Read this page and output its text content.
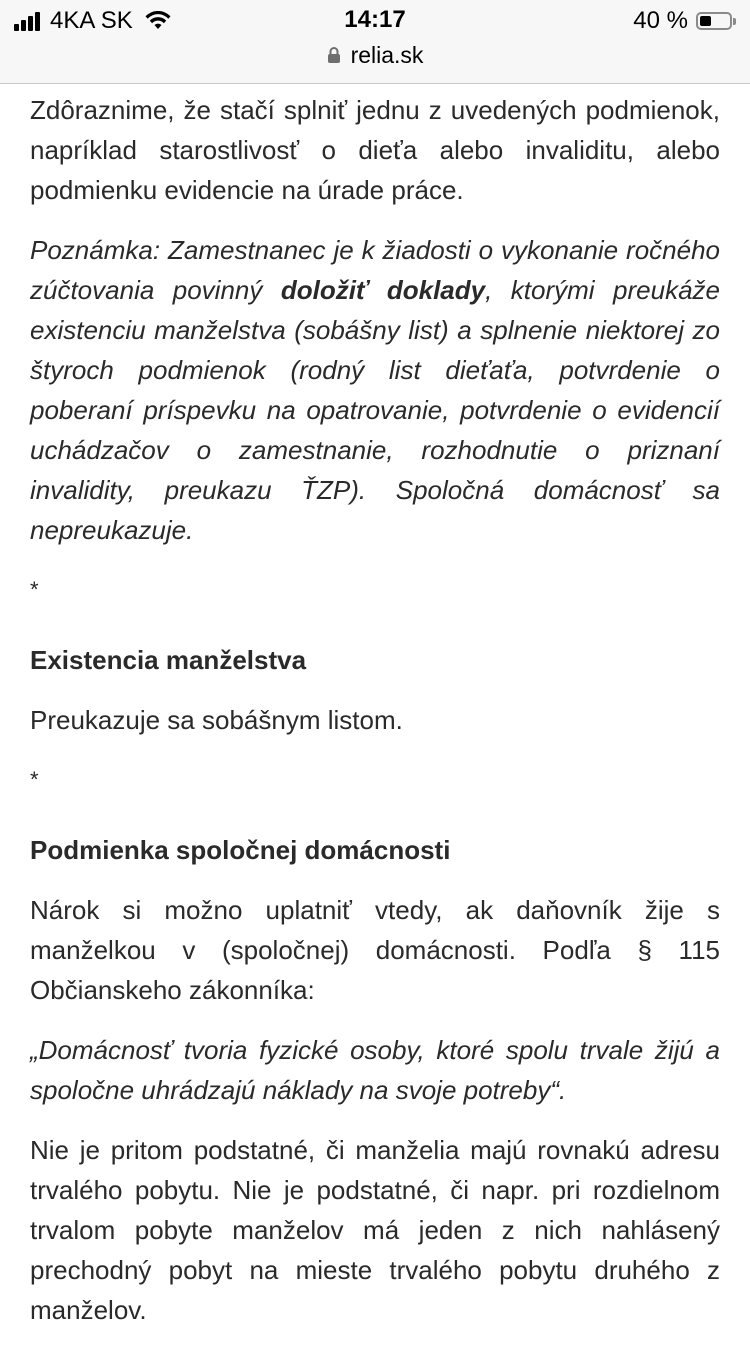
4KA SK	14:17	40 %
relia.sk

Zdôraznime, že stačí splniť jednu z uvedených podmienok, napríklad starostlivosť o dieťa alebo invaliditu, alebo podmienku evidencie na úrade práce.

Poznámka: Zamestnanec je k žiadosti o vykonanie ročného zúčtovania povinný doložiť doklady, ktorými preukáže existenciu manželstva (sobášny list) a splnenie niektorej zo štyroch podmienok (rodný list dieťaťa, potvrdenie o poberaní príspevku na opatrovanie, potvrdenie o evidencií uchádzačov o zamestnanie, rozhodnutie o priznaní invalidity, preukazu ŤZP). Spoločná domácnosť sa nepreukazuje.

*
Existencia manželstva

Preukazuje sa sobášnym listom.

*
Podmienka spoločnej domácnosti

Nárok si možno uplatniť vtedy, ak daňovník žije s manželkou v (spoločnej) domácnosti. Podľa § 115 Občianskeho zákonníka:

„Domácnosť tvoria fyzické osoby, ktoré spolu trvale žijú a spoločne uhrádzajú náklady na svoje potreby“.

Nie je pritom podstatné, či manželia majú rovnakú adresu trvalého pobytu. Nie je podstatné, či napr. pri rozdielnom trvalom pobyte manželov má jeden z nich nahlásený prechodný pobyt na mieste trvalého pobytu druhého z manželov.
